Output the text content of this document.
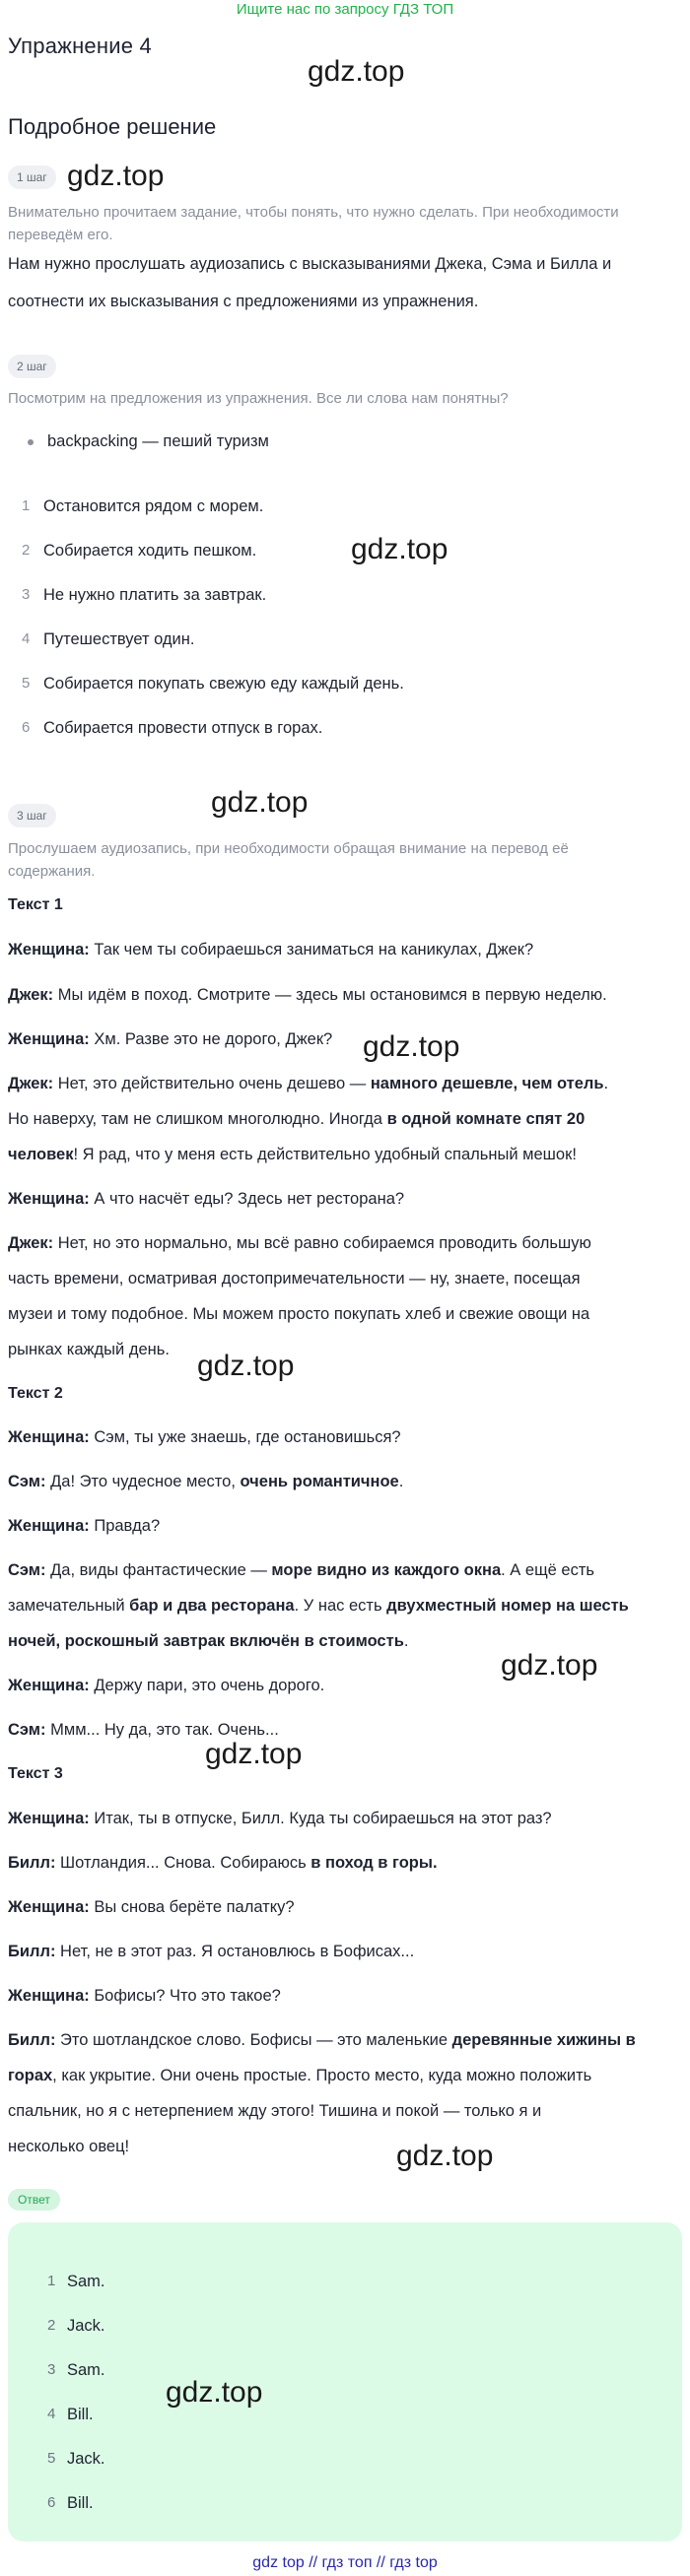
Ищите нас по запросу ГДЗ ТОП
Упражнение 4
gdz.top
Подробное решение
1 шаг gdz.top
Внимательно прочитаем задание, чтобы понять, что нужно сделать. При необходимости переведём его.
Нам нужно прослушать аудиозапись с высказываниями Джека, Сэма и Билла и
соотнести их высказывания с предложениями из упражнения.
2 шаг
Посмотрим на предложения из упражнения. Все ли слова нам понятны?
backpacking — пеший туризм
1 Остановится рядом с морем.
2 Собирается ходить пешком.	gdz.top
3 Не нужно платить за завтрак.
4 Путешествует один.
5 Собирается покупать свежую еду каждый день.
6 Собирается провести отпуск в горах.
3 шаг	gdz.top
Прослушаем аудиозапись, при необходимости обращая внимание на перевод её
содержания.
Текст 1
Женщина: Так чем ты собираешься заниматься на каникулах, Джек?
Джек: Мы идём в поход. Смотрите — здесь мы остановимся в первую неделю.
Женщина: Хм. Разве это не дорого, Джек?	gdz.top
Джек: Нет, это действительно очень дешево — намного дешевле, чем отель.
Но наверху, там не слишком многолюдно. Иногда в одной комнате спят 20
человек! Я рад, что у меня есть действительно удобный спальный мешок!
Женщина: А что насчёт еды? Здесь нет ресторана?
Джек: Нет, но это нормально, мы всё равно собираемся проводить большую
часть времени, осматривая достопримечательности — ну, знаете, посещая
музеи и тому подобное. Мы можем просто покупать хлеб и свежие овощи на
рынках каждый день. gdz.top
Текст 2
Женщина: Сэм, ты уже знаешь, где остановишься?
Сэм: Да! Это чудесное место, очень романтичное.
Женщина: Правда?
Сэм: Да, виды фантастические — море видно из каждого окна. А ещё есть
замечательный бар и два ресторана. У нас есть двухместный номер на шесть
ночей, роскошный завтрак включён в стоимость.
gdz.top
Женщина: Держу пари, это очень дорого.
Сэм: Ммм... Ну да, это так. Очень...
gdz.top
Текст 3
Женщина: Итак, ты в отпуске, Билл. Куда ты собираешься на этот раз?
Билл: Шотландия... Снова. Собираюсь в поход в горы.
Женщина: Вы снова берёте палатку?
Билл: Нет, не в этот раз. Я остановлюсь в Бофисах...
Женщина: Бофисы? Что это такое?
Билл: Это шотландское слово. Бофисы — это маленькие деревянные хижины в
горах, как укрытие. Они очень простые. Просто место, куда можно положить
спальник, но я с нетерпением жду этого! Тишина и покой — только я и
несколько овец!	gdz.top
Ответ
1 Sam.
2 Jack.
3 Sam.
gdz.top
4 Bill.
5 Jack.
6 Bill.
gdz top // гдз топ // гдз top
